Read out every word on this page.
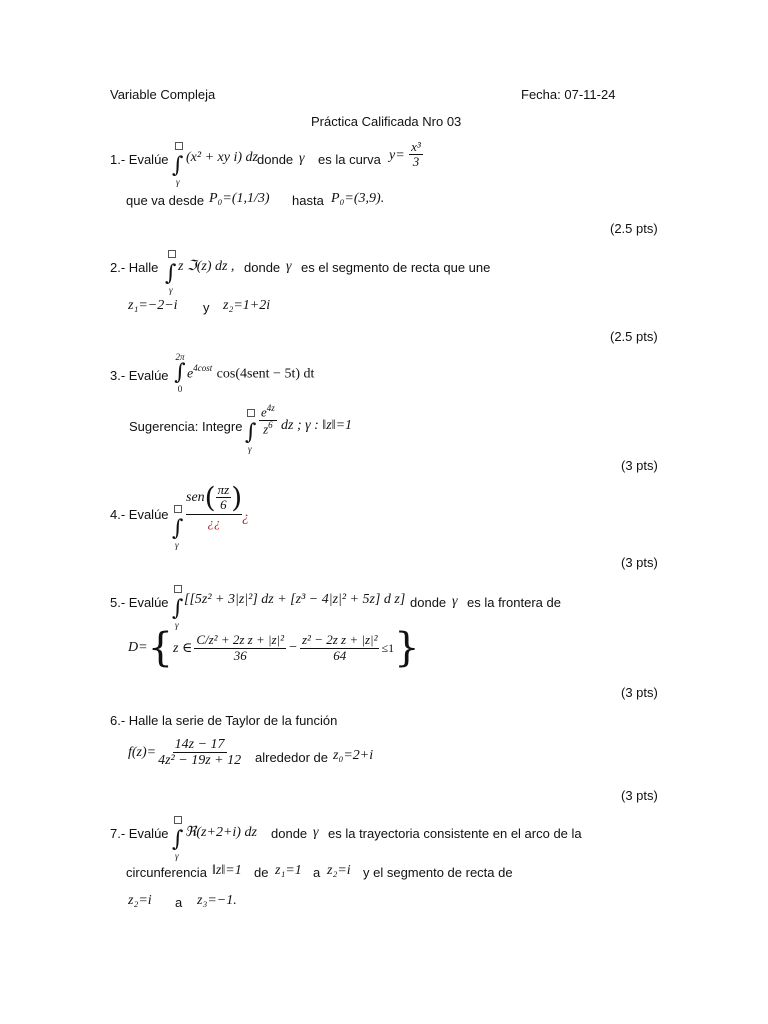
Variable Compleja	Fecha: 07-11-24
Práctica Calificada Nro 03
1.- Evalúe ∫
γ
(x² + xy i) dz donde γ es la curva $y= \frac{\text{x³}}{3}$
que va desde P₀=(1,1/3) hasta P₀=(3,9).
(2.5 pts)
2.- Halle ∫
γ
z ℑ(z) dz , donde γ es el segmento de recta que une
z₁=−2−i y z₂=1+2i
(2.5 pts)
3.- Evalúe
2π
∫
0
$e^{4cost}$ cos(4sent − 5t) dt
Sugerencia: Integre ∫
γ
$\frac{e^{4z}}{z^6}$ dz ; γ : ‖z‖=1
(3 pts)
4.- Evalúe
∫
γ
sen ( $\frac{\pi z}{6}$ )
¿¿	¿
(3 pts)
5.- Evalúe ∫
γ
[[5z² + 3|z|²] dz + [z³ − 4|z|² + 5z] d z] donde γ es la frontera de
D= { z ∈ $\frac{\text{C/z² + 2z z + |z|²}}{36} - \frac{\text{z² − 2z z + |z|²}}{64} \le 1$ }
(3 pts)
6.- Halle la serie de Taylor de la función
$f(z)= \frac{14z - 17}{\text{4z² − 19z + 12}}$ alrededor de z₀=2+i
(3 pts)
7.- Evalúe ∫
γ
ℜ(z+2+i) dz donde γ es la trayectoria consistente en el arco de la
circunferencia ‖z‖=1 de z₁=1 a z₂=i y el segmento de recta de
z₂=i a z₃=−1.
